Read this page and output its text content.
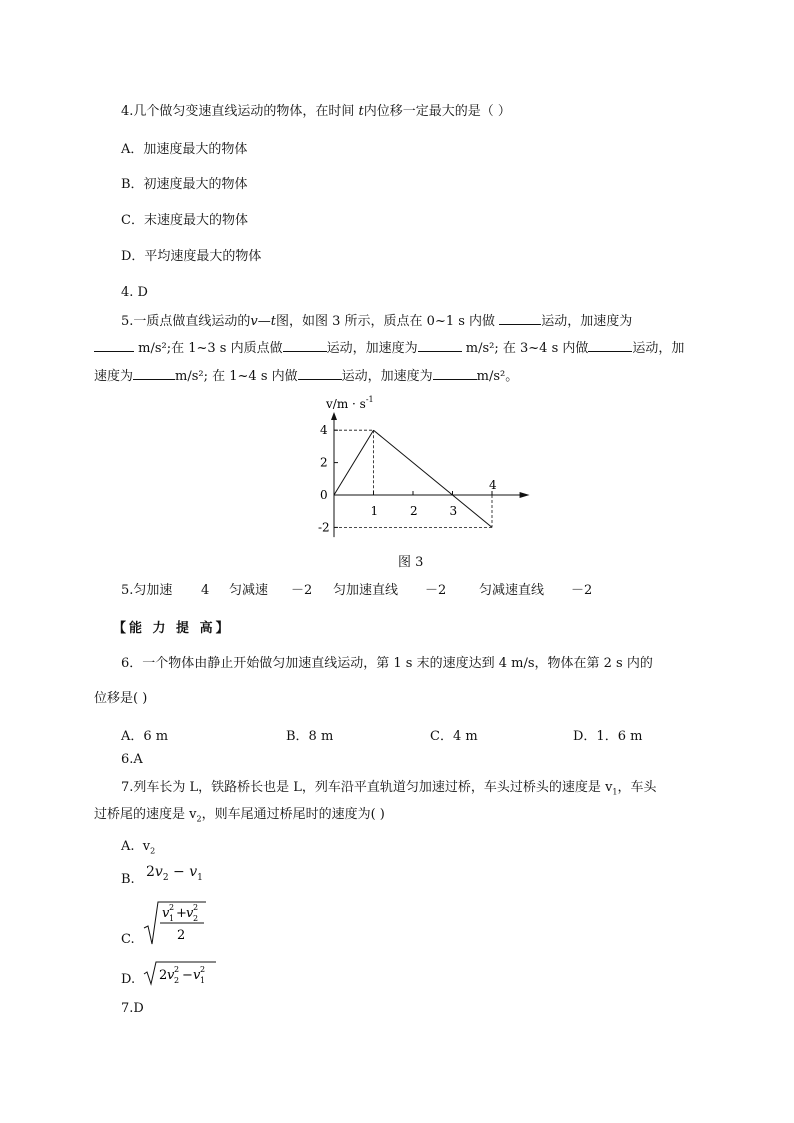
4.几个做匀变速直线运动的物体，在时间 t内位移一定最大的是（ ）
A．加速度最大的物体
B．初速度最大的物体
C．末速度最大的物体
D．平均速度最大的物体
4. D
5.一质点做直线运动的v—t图，如图 3 所示，质点在 0~1 s 内做	运动，加速度为
m/s²;在 1~3 s 内质点做	运动，加速度为	m/s²; 在 3~4 s 内做	运动，加
速度为	m/s²; 在 1~4 s 内做	运动，加速度为	m/s²。
1	2	3
4
4
2
0
-2
$v/m \cdot s^{-1}$
图 3
5.匀加速 4 匀减速 －2 匀加速直线 －2	匀减速直线 －2
【能 力 提 高】
6．一个物体由静止开始做匀加速直线运动，第 1 s 末的速度达到 4 m/s，物体在第 2 s 内的
位移是( )
A．6 m	B．8 m	C．4 m	D．1．6 m
6.A
7.列车长为 L，铁路桥长也是 L，列车沿平直轨道匀加速过桥，车头过桥头的速度是 $v_1$，车头
过桥尾的速度是 $v_2$，则车尾通过桥尾时的速度为( )
A. $v_2$
B. $2v_2 - v_1$
C.
v 2
1 + v 2
2
2
D. 2 v 2
2 − v 2
1
7.D
